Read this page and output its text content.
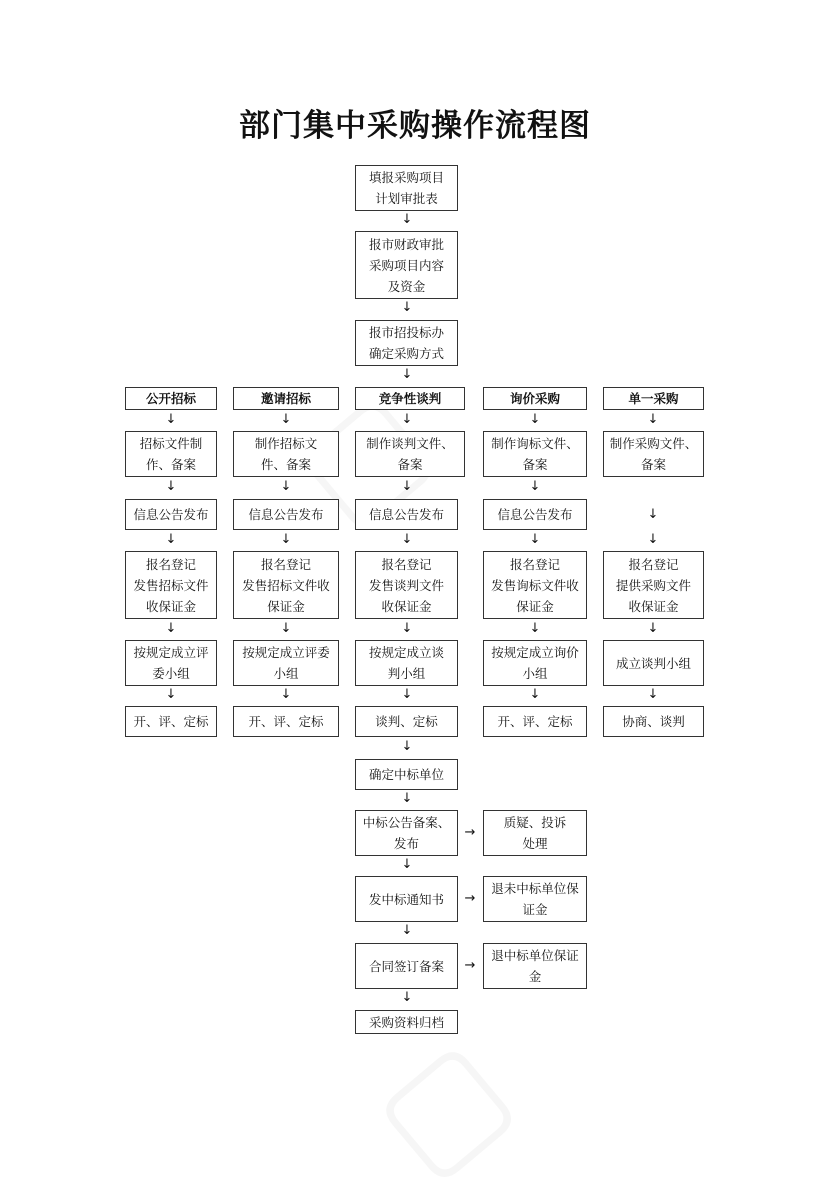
部门集中采购操作流程图
填报采购项目
计划审批表
↓
报市财政审批
采购项目内容
及资金
↓
报市招投标办
确定采购方式
↓
公开招标
↓
招标文件制
作、备案
↓
信息公告发布
↓
报名登记
发售招标文件
收保证金
↓
按规定成立评
委小组
↓
开、评、定标
邀请招标
↓
制作招标文
件、备案
↓
信息公告发布
↓
报名登记
发售招标文件收
保证金
↓
按规定成立评委
小组
↓
开、评、定标
竞争性谈判
↓
制作谈判文件、
备案
↓
信息公告发布
↓
报名登记
发售谈判文件
收保证金
↓
按规定成立谈
判小组
↓
谈判、定标
询价采购
↓
制作询标文件、
备案
↓
信息公告发布
↓
报名登记
发售询标文件收
保证金
↓
按规定成立询价
小组
↓
开、评、定标
单一采购
↓
制作采购文件、
备案
↓
↓
报名登记
提供采购文件
收保证金
↓
成立谈判小组
↓
协商、谈判
↓
确定中标单位
↓
中标公告备案、
发布
→
质疑、投诉
处理
↓
发中标通知书	→
退未中标单位保
证金
↓
合同签订备案	→
退中标单位保证
金
↓
采购资料归档
